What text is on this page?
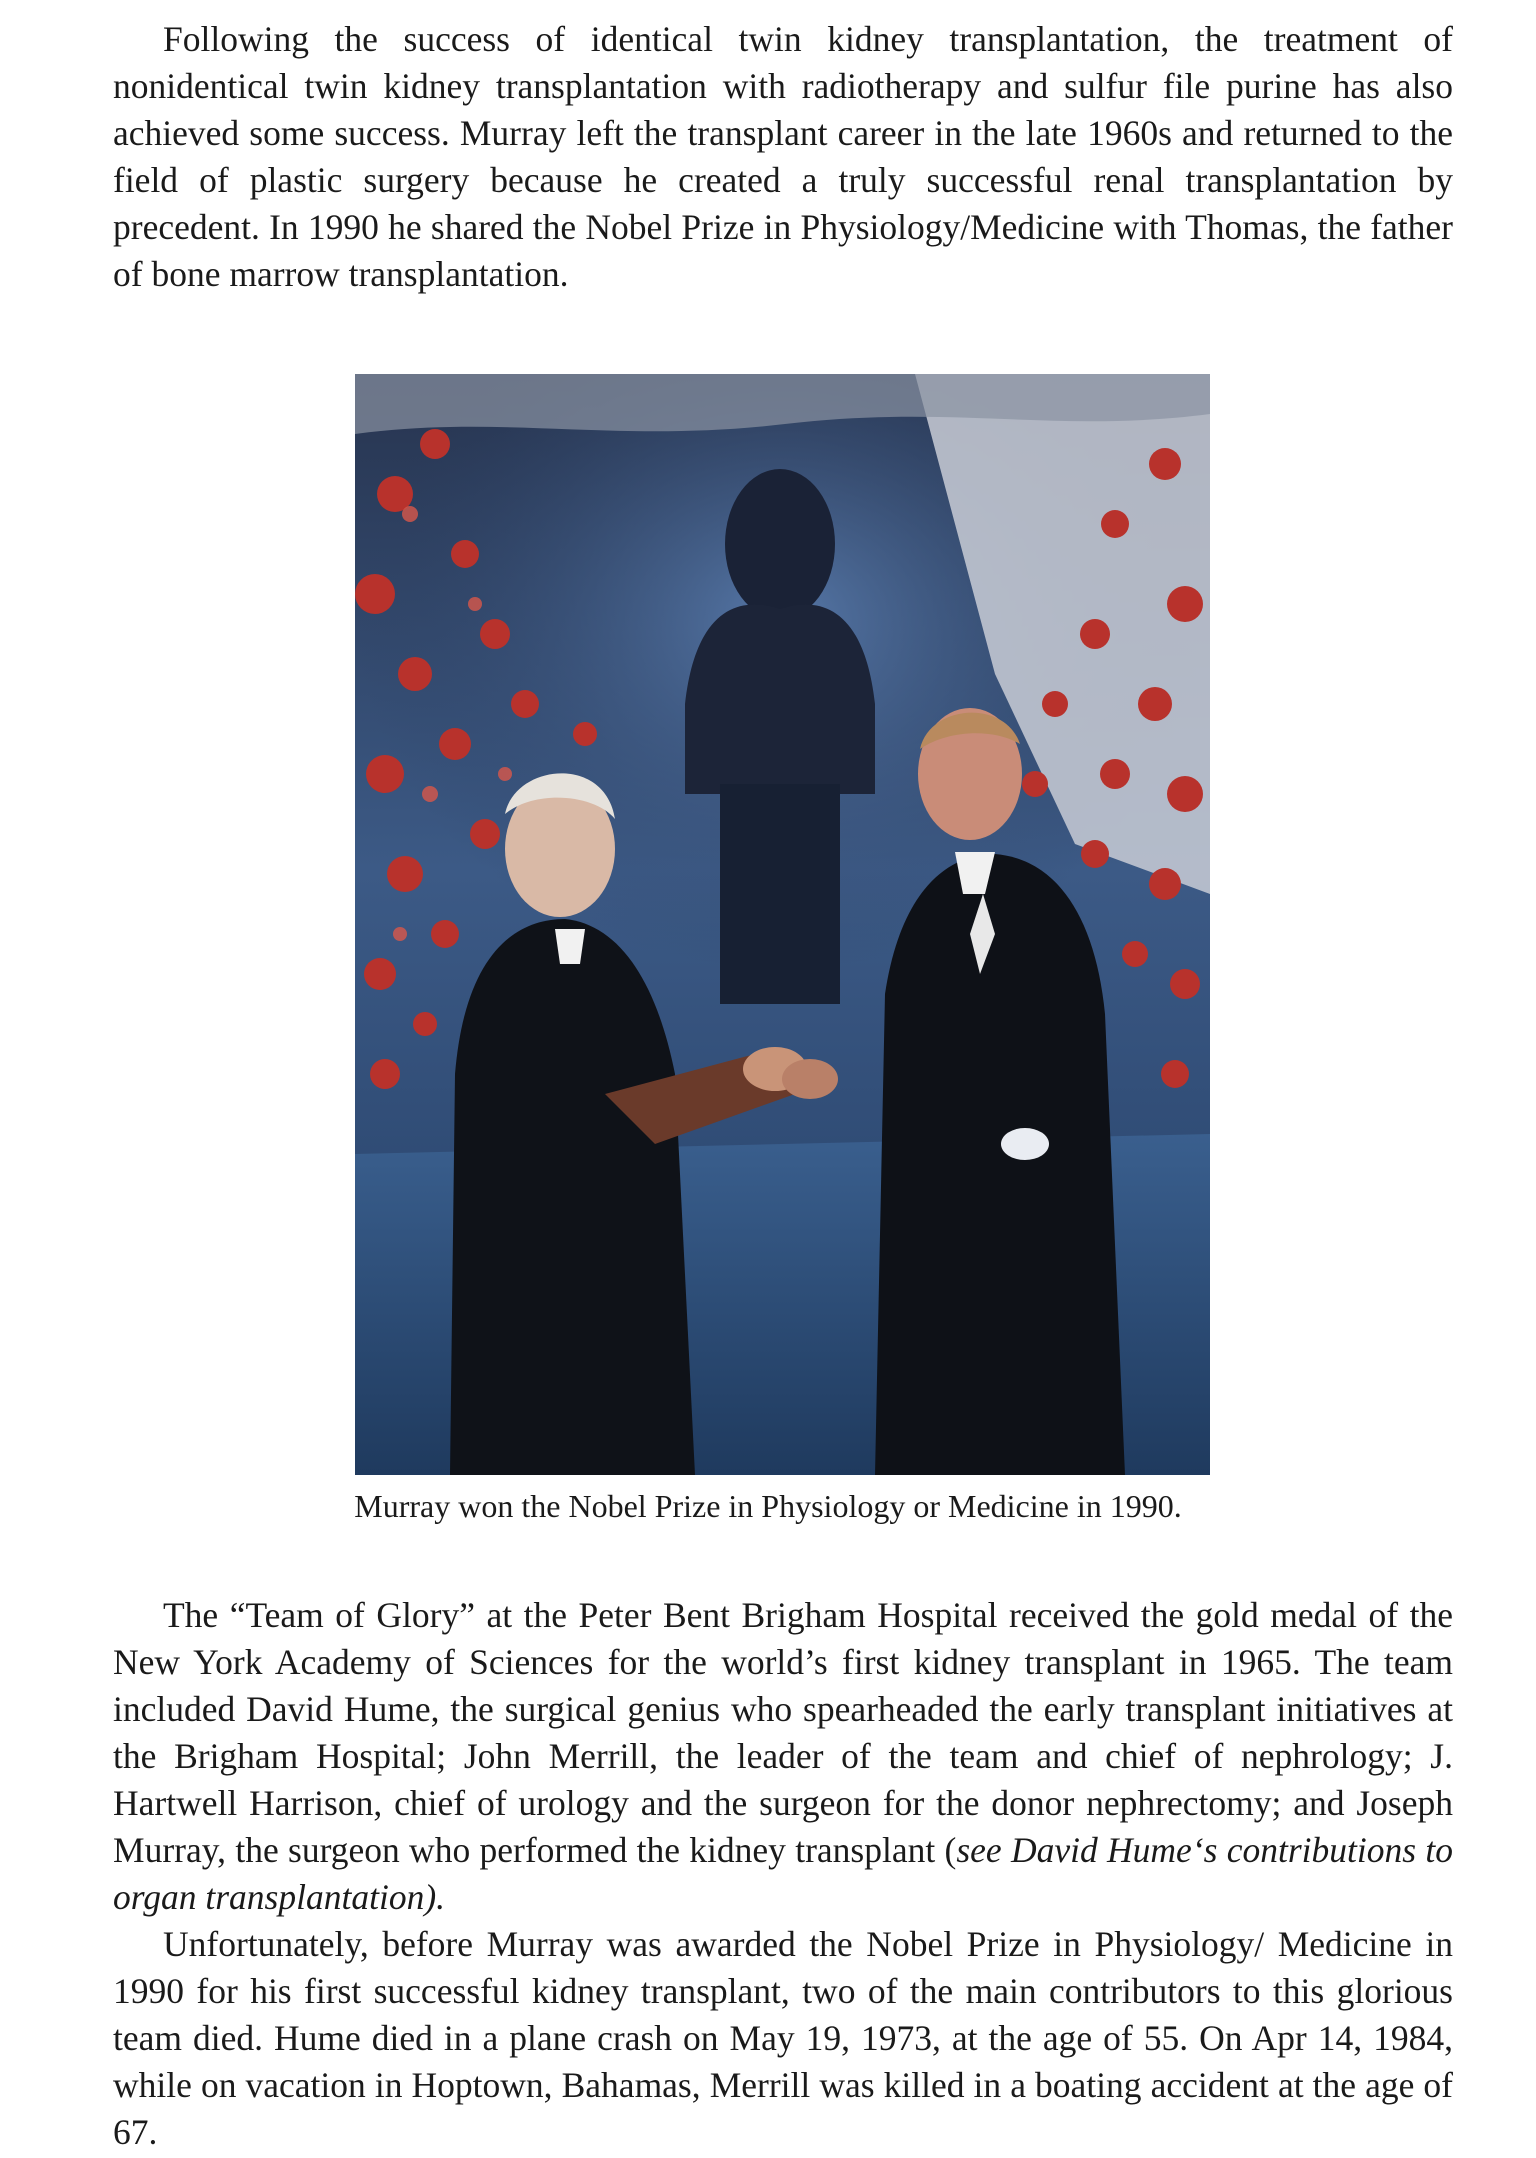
Following the success of identical twin kidney transplantation, the treatment of nonidentical twin kidney transplantation with radiotherapy and sulfur file purine has also achieved some success. Murray left the transplant career in the late 1960s and returned to the field of plastic surgery because he created a truly successful renal transplantation by precedent. In 1990 he shared the Nobel Prize in Physiology/Medicine with Thomas, the father of bone marrow transplantation.

Murray won the Nobel Prize in Physiology or Medicine in 1990.

The “Team of Glory” at the Peter Bent Brigham Hospital received the gold medal of the New York Academy of Sciences for the world’s first kidney transplant in 1965. The team included David Hume, the surgical genius who spearheaded the early transplant initiatives at the Brigham Hospital; John Merrill, the leader of the team and chief of nephrology; J. Hartwell Harrison, chief of urology and the surgeon for the donor nephrectomy; and Joseph Murray, the surgeon who performed the kidney transplant (see David Hume‘s contributions to organ transplantation).

Unfortunately, before Murray was awarded the Nobel Prize in Physiology/ Medicine in 1990 for his first successful kidney transplant, two of the main contributors to this glorious team died. Hume died in a plane crash on May 19, 1973, at the age of 55. On Apr 14, 1984, while on vacation in Hoptown, Bahamas, Merrill was killed in a boating accident at the age of 67.
